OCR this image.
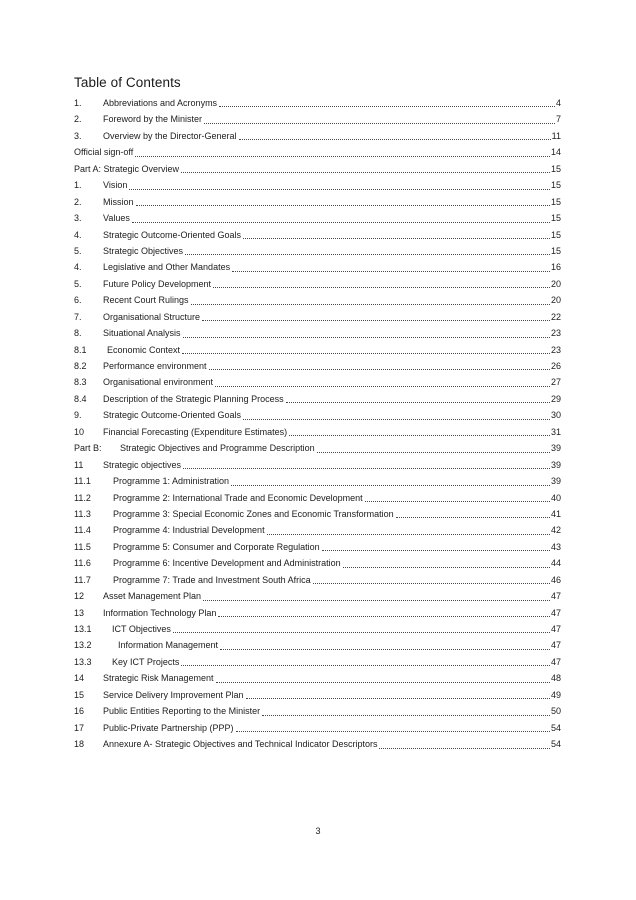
Table of Contents
1.	Abbreviations and Acronyms	4
2.	Foreword by the Minister	7
3.	Overview by the Director-General	11
Official sign-off	14
Part A: Strategic Overview	15
1.	Vision	15
2.	Mission	15
3.	Values	15
4.	Strategic Outcome-Oriented Goals	15
5.	Strategic Objectives	15
4.	Legislative and Other Mandates	16
5.	Future Policy Development	20
6.	Recent Court Rulings	20
7.	Organisational Structure	22
8.	Situational Analysis	23
8.1	Economic Context	23
8.2	Performance environment	26
8.3	Organisational environment	27
8.4	Description of the Strategic Planning Process	29
9.	Strategic Outcome-Oriented Goals	30
10	Financial Forecasting (Expenditure Estimates)	31
Part B:	Strategic Objectives and Programme Description	39
11	Strategic objectives	39
11.1	Programme 1: Administration	39
11.2	Programme 2: International Trade and Economic Development	40
11.3	Programme 3: Special Economic Zones and Economic Transformation	41
11.4	Programme 4: Industrial Development	42
11.5	Programme 5: Consumer and Corporate Regulation	43
11.6	Programme 6: Incentive Development and Administration	44
11.7	Programme 7: Trade and Investment South Africa	46
12	Asset Management Plan	47
13	Information Technology Plan	47
13.1	ICT Objectives	47
13.2	Information Management	47
13.3	Key ICT Projects	47
14	Strategic Risk Management	48
15	Service Delivery Improvement Plan	49
16	Public Entities Reporting to the Minister	50
17	Public-Private Partnership (PPP)	54
18	Annexure A- Strategic Objectives and Technical Indicator Descriptors	54
3
